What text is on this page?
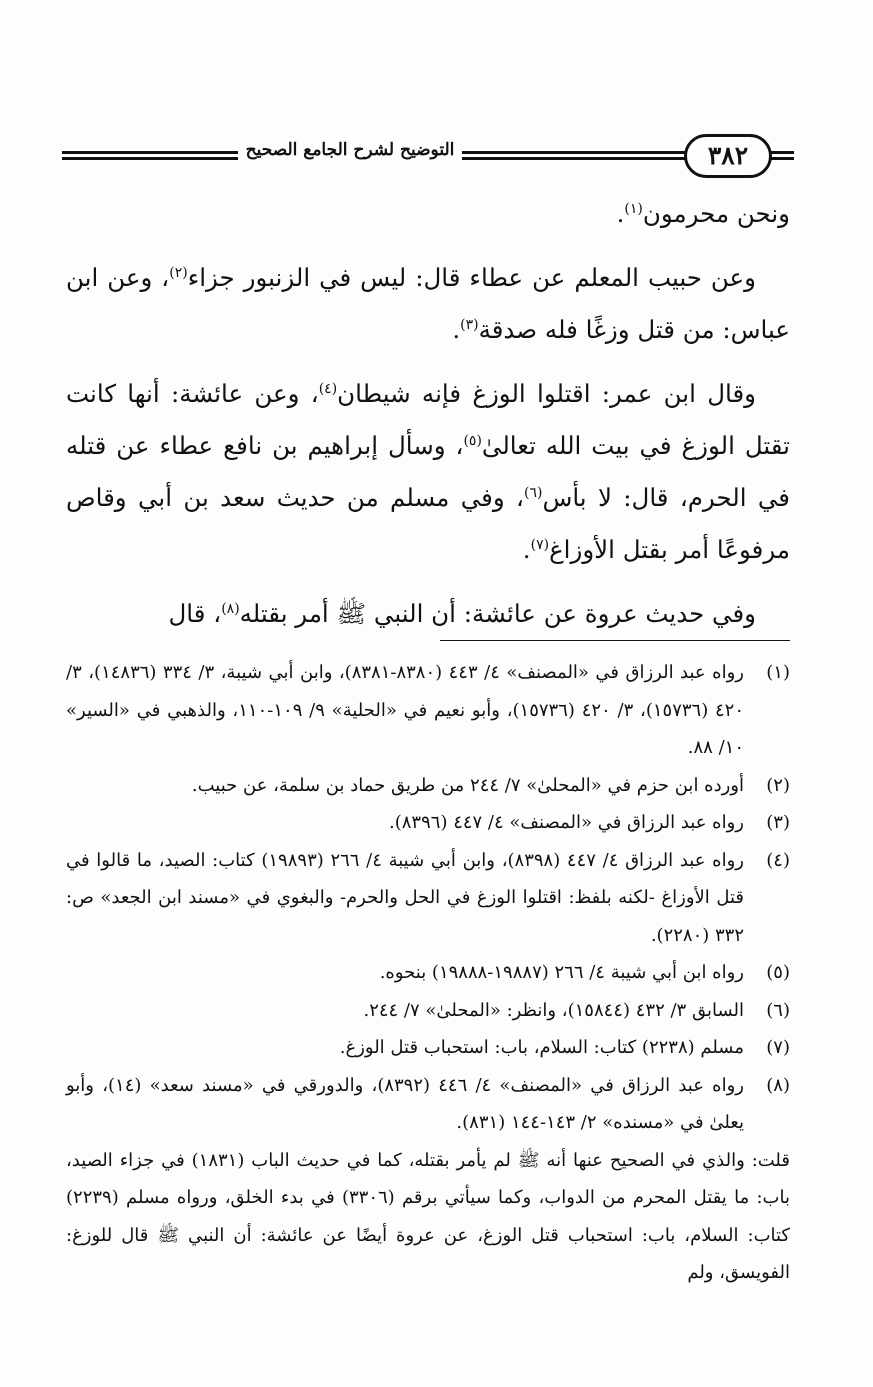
التوضيح لشرح الجامع الصحيح	٣٨٢

ونحن محرمون$^{(١)}$.

وعن حبيب المعلم عن عطاء قال: ليس في الزنبور جزاء$^{(٢)}$، وعن ابن عباس: من قتل وزغًا فله صدقة$^{(٣)}$.

وقال ابن عمر: اقتلوا الوزغ فإنه شيطان$^{(٤)}$، وعن عائشة: أنها كانت تقتل الوزغ في بيت الله تعالىٰ$^{(٥)}$، وسأل إبراهيم بن نافع عطاء عن قتله في الحرم، قال: لا بأس$^{(٦)}$، وفي مسلم من حديث سعد بن أبي وقاص مرفوعًا أمر بقتل الأوزاغ$^{(٧)}$.

وفي حديث عروة عن عائشة: أن النبي ﷺ أمر بقتله$^{(٨)}$، قال

(١)
رواه عبد الرزاق في «المصنف» ٤/ ٤٤٣ (٨٣٨٠-٨٣٨١)، وابن أبي شيبة، ٣/ ٣٣٤ (١٤٨٣٦)، ٣/ ٤٢٠ (١٥٧٣٦)، ٣/ ٤٢٠ (١٥٧٣٦)، وأبو نعيم في «الحلية» ٩/ ١٠٩-١١٠، والذهبي في «السير» ١٠/ ٨٨.
(٢)
أورده ابن حزم في «المحلىٰ» ٧/ ٢٤٤ من طريق حماد بن سلمة، عن حبيب.
(٣)
رواه عبد الرزاق في «المصنف» ٤/ ٤٤٧ (٨٣٩٦).
(٤)
رواه عبد الرزاق ٤/ ٤٤٧ (٨٣٩٨)، وابن أبي شيبة ٤/ ٢٦٦ (١٩٨٩٣) كتاب: الصيد، ما قالوا في قتل الأوزاغ -لكنه بلفظ: اقتلوا الوزغ في الحل والحرم- والبغوي في «مسند ابن الجعد» ص: ٣٣٢ (٢٢٨٠).
(٥)
رواه ابن أبي شيبة ٤/ ٢٦٦ (١٩٨٨٧-١٩٨٨٨) بنحوه.
(٦)
السابق ٣/ ٤٣٢ (١٥٨٤٤)، وانظر: «المحلىٰ» ٧/ ٢٤٤.
(٧)
مسلم (٢٢٣٨) كتاب: السلام، باب: استحباب قتل الوزغ.
(٨)
رواه عبد الرزاق في «المصنف» ٤/ ٤٤٦ (٨٣٩٢)، والدورقي في «مسند سعد» (١٤)، وأبو يعلىٰ في «مسنده» ٢/ ١٤٣-١٤٤ (٨٣١).
قلت: والذي في الصحيح عنها أنه ﷺ لم يأمر بقتله، كما في حديث الباب (١٨٣١) في جزاء الصيد، باب: ما يقتل المحرم من الدواب، وكما سيأتي برقم (٣٣٠٦) في بدء الخلق، ورواه مسلم (٢٢٣٩) كتاب: السلام، باب: استحباب قتل الوزغ، عن عروة أيضًا عن عائشة: أن النبي ﷺ قال للوزغ: الفويسق، ولم
